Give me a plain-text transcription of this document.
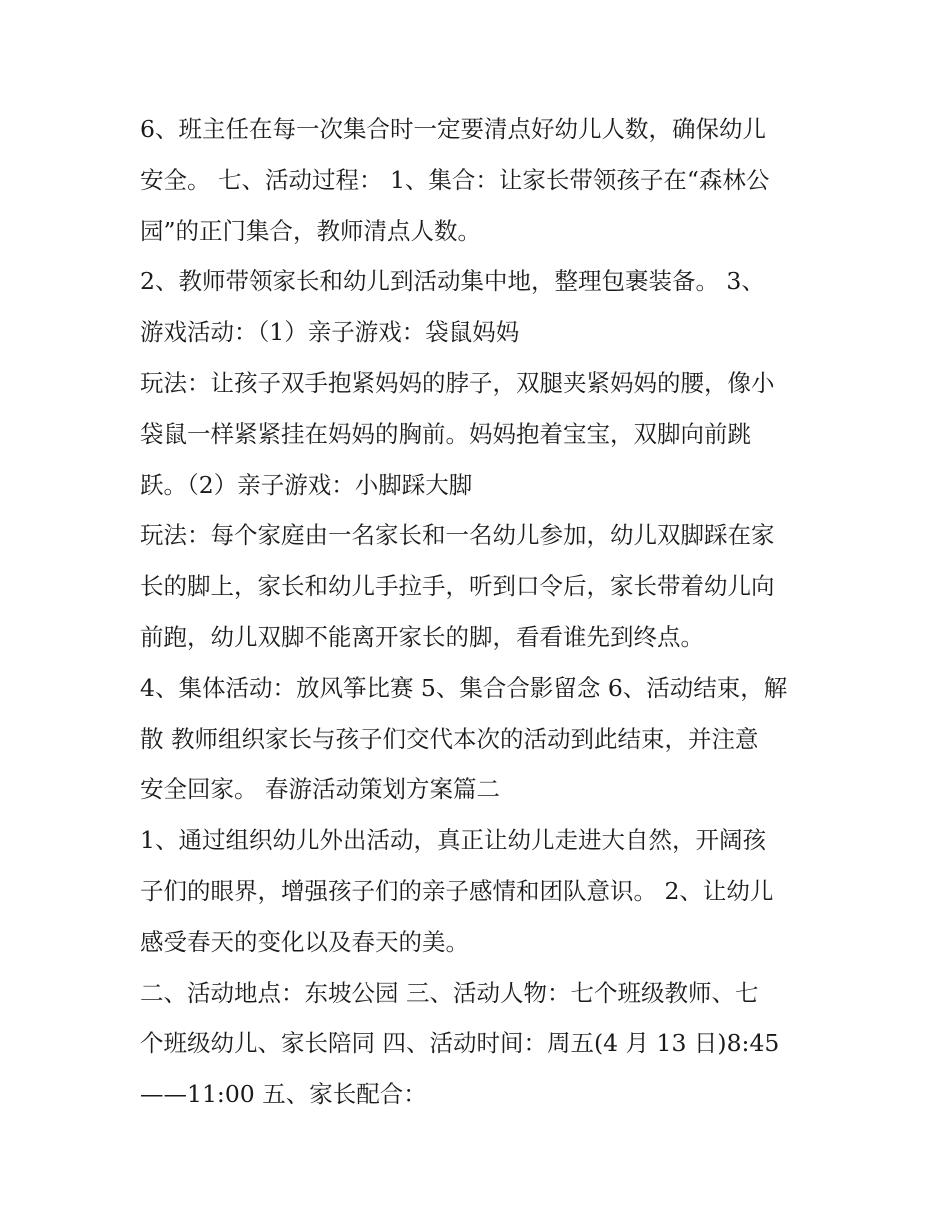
6、班主任在每一次集合时一定要清点好幼儿人数，确保幼儿
安全。 七、活动过程： 1、集合：让家长带领孩子在“森林公
园”的正门集合，教师清点人数。
2、教师带领家长和幼儿到活动集中地，整理包裹装备。 3、
游戏活动：（1）亲子游戏：袋鼠妈妈
玩法：让孩子双手抱紧妈妈的脖子，双腿夹紧妈妈的腰，像小
袋鼠一样紧紧挂在妈妈的胸前。妈妈抱着宝宝，双脚向前跳
跃。（2）亲子游戏：小脚踩大脚
玩法：每个家庭由一名家长和一名幼儿参加，幼儿双脚踩在家
长的脚上，家长和幼儿手拉手，听到口令后，家长带着幼儿向
前跑，幼儿双脚不能离开家长的脚，看看谁先到终点。
4、集体活动：放风筝比赛 5、集合合影留念 6、活动结束，解
散 教师组织家长与孩子们交代本次的活动到此结束，并注意
安全回家。 春游活动策划方案篇二
1、通过组织幼儿外出活动，真正让幼儿走进大自然，开阔孩
子们的眼界，增强孩子们的亲子感情和团队意识。 2、让幼儿
感受春天的变化以及春天的美。
二、活动地点：东坡公园 三、活动人物：七个班级教师、七
个班级幼儿、家长陪同 四、活动时间：周五(4 月 13 日)8:45
——11:00 五、家长配合：
